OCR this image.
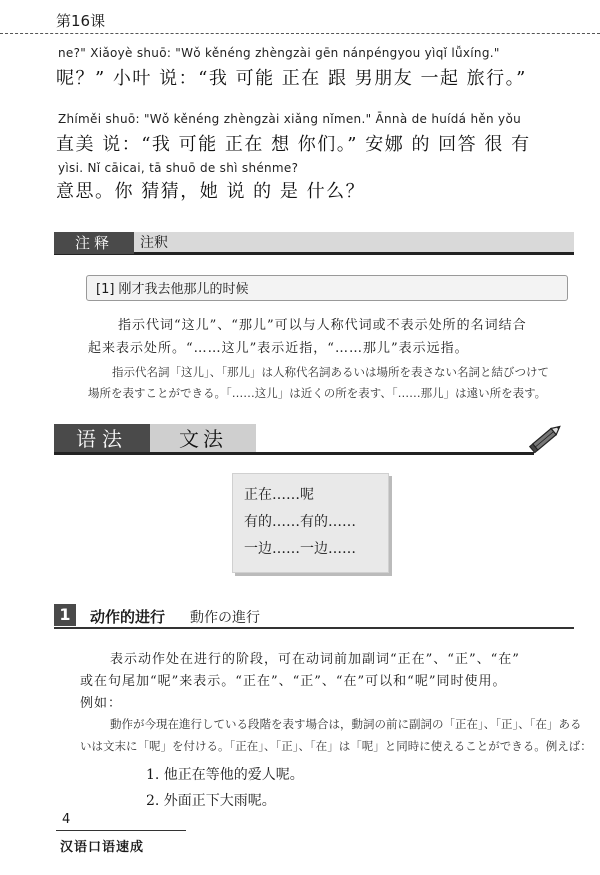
第16课
ne?" Xiǎoyè shuō: "Wǒ kěnéng zhèngzài gēn nánpéngyou yìqǐ lǚxíng."
呢？” 小叶 说：“我 可能 正在 跟 男朋友 一起 旅行。”
Zhíměi shuō: "Wǒ kěnéng zhèngzài xiǎng nǐmen." Ānnà de huídá hěn yǒu
直美 说：“我 可能 正在 想 你们。” 安娜 的 回答 很 有
yìsi. Nǐ cāicai, tā shuō de shì shénme?
意思。你 猜猜，她 说 的 是 什么？
注释	注釈
[1] 刚才我去他那儿的时候
指示代词“这儿”、“那儿”可以与人称代词或不表示处所的名词结合
起来表示处所。“……这儿”表示近指，“……那儿”表示远指。
指示代名詞「这儿」、「那儿」は人称代名詞あるいは場所を表さない名詞と結びつけて
場所を表すことができる。「……这儿」は近くの所を表す、「……那儿」は遠い所を表す。
语法	文法
正在……呢
有的……有的……
一边……一边……
1	动作的进行 動作の進行
表示动作处在进行的阶段，可在动词前加副词“正在”、“正”、“在”
或在句尾加“呢”来表示。“正在”、“正”、“在”可以和“呢”同时使用。
例如：
動作が今現在進行している段階を表す場合は，動詞の前に副詞の「正在」、「正」、「在」ある
いは文末に「呢」を付ける。「正在」、「正」、「在」は「呢」と同時に使えることができる。例えば：
1. 他正在等他的爱人呢。
2. 外面正下大雨呢。
4
汉语口语速成
